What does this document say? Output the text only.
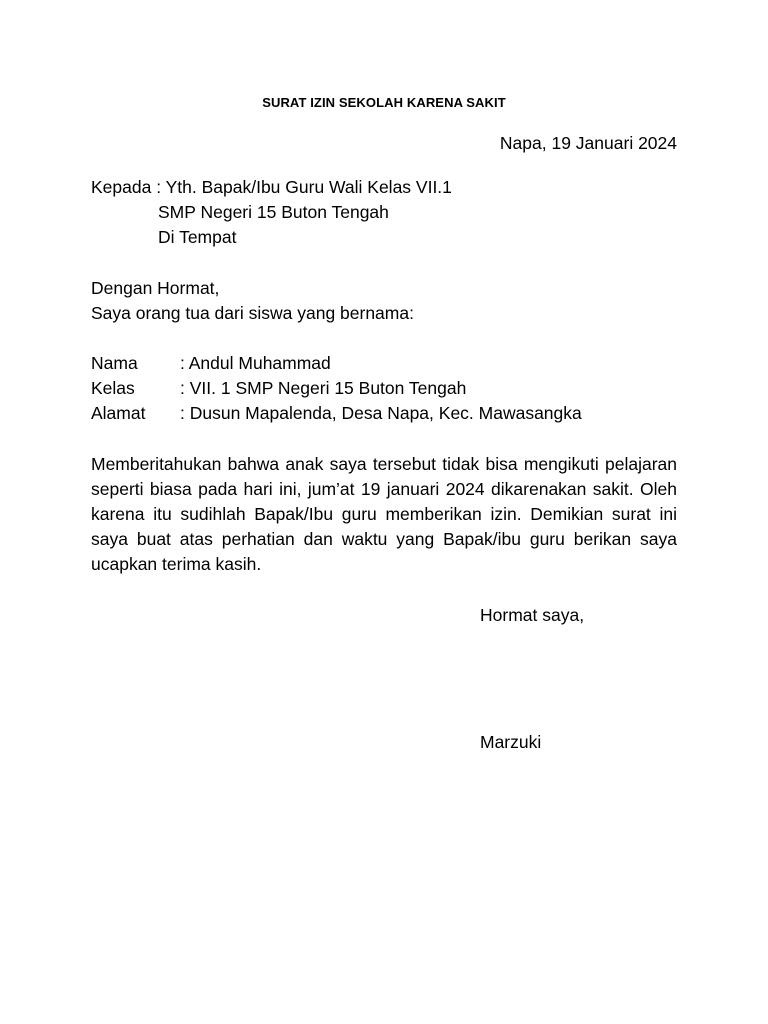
SURAT IZIN SEKOLAH KARENA SAKIT
Napa, 19 Januari 2024
Kepada : Yth. Bapak/Ibu Guru Wali Kelas VII.1
SMP Negeri 15 Buton Tengah
Di Tempat
Dengan Hormat,
Saya orang tua dari siswa yang bernama:
Nama : Andul Muhammad
Kelas	: VII. 1 SMP Negeri 15 Buton Tengah
Alamat : Dusun Mapalenda, Desa Napa, Kec. Mawasangka
Memberitahukan bahwa anak saya tersebut tidak bisa mengikuti pelajaran seperti biasa pada hari ini, jum’at 19 januari 2024 dikarenakan sakit. Oleh karena itu sudihlah Bapak/Ibu guru memberikan izin. Demikian surat ini saya buat atas perhatian dan waktu yang Bapak/ibu guru berikan saya ucapkan terima kasih.
Hormat saya,
Marzuki
